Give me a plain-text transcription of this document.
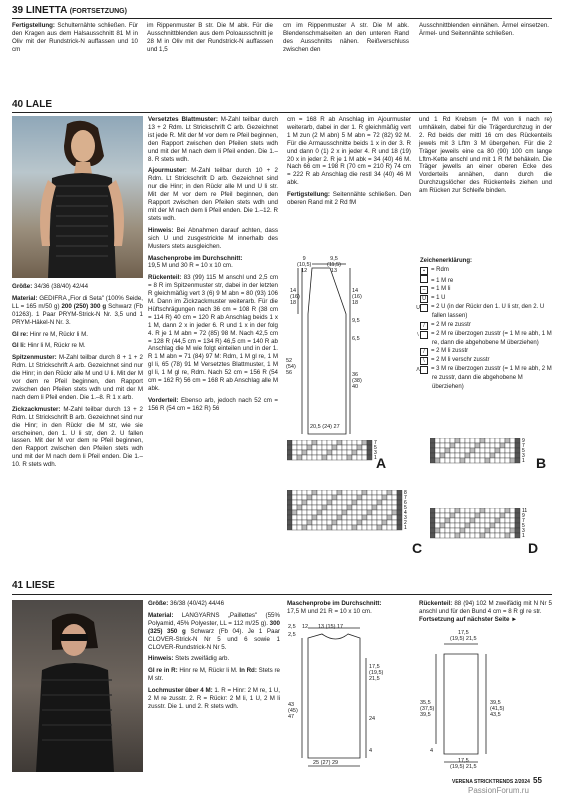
39 LINETTA (FORTSETZUNG)
Fertigstellung: Schulternähte schließen. Für den Kragen aus dem Halsausschnitt 81 M in Oliv mit der Rundstrick-N auffassen und 10 cm
im Rippenmuster B str. Die M abk. Für die Ausschnittblenden aus dem Poloausschnitt je 28 M in Oliv mit der Rundstrick-N auffassen und 1,5
cm im Rippenmuster A str. Die M abk. Blendenschmalseiten an den unteren Rand des Ausschnitts nähen. Reißverschluss zwischen den
Ausschnittblenden einnähen. Ärmel einsetzen. Ärmel- und Seitennähte schließen.
40 LALE

Größe: 34/36 (38/40) 42/44

Material: GEDIFRA „Fior di Seta" (100% Seide, LL = 165 m/50 g) 200 (250) 300 g Schwarz (Fb 01263). 1 Paar PRYM-Strick-N Nr. 3,5 und 1 PRYM-Häkel-N Nr. 3.

Gl re: Hinr re M, Rückr li M.

Gl li: Hinr li M, Rückr re M.

Spitzenmuster: M-Zahl teilbar durch 8 + 1 + 2 Rdm. Lt Strickschrift A arb. Gezeichnet sind nur die Hinr; in den Rückr alle M und U li. Mit der M vor dem re Pfeil beginnen, den Rapport zwischen den Pfeilen stets wdh und mit der M nach dem li Pfeil enden. Die 1.–8. R 1 x arb.

Zickzackmuster: M-Zahl teilbar durch 13 + 2 Rdm. Lt Strickschrift B arb. Gezeichnet sind nur die Hinr; in den Rückr die M str, wie sie erscheinen, den 1. U li str, den 2. U fallen lassen. Mit der M vor dem re Pfeil beginnen, den Rapport zwischen den Pfeilen stets wdh und mit der M nach dem li Pfeil enden. Die 1.–10. R stets wdh.

Versetztes Blattmuster: M-Zahl teilbar durch 13 + 2 Rdm. Lt Strickschrift C arb. Gezeichnet ist jede R. Mit der M vor dem re Pfeil beginnen, den Rapport zwischen den Pfeilen stets wdh und mit der M nach dem li Pfeil enden. Die 1.–8. R stets wdh.

Ajourmuster: M-Zahl teilbar durch 10 + 2 Rdm. Lt Strickschrift D arb. Gezeichnet sind nur die Hinr; in den Rückr alle M und U li str. Mit der M vor dem re Pfeil beginnen, den Rapport zwischen den Pfeilen stets wdh und mit der M nach dem li Pfeil enden. Die 1.–12. R stets wdh.

Hinweis: Bei Abnahmen darauf achten, dass sich U und zusgestrickte M innerhalb des Musters stets ausgleichen.

Maschenprobe im Durchschnitt:
19,5 M und 30 R = 10 x 10 cm.

Rückenteil: 83 (99) 115 M anschl und 2,5 cm = 8 R im Spitzenmuster str, dabei in der letzten R gleichmäßig vert 3 (6) 9 M abn = 80 (93) 106 M. Dann im Zickzackmuster weiterarb. Für die Hüftschrägungen nach 36 cm = 108 R (38 cm = 114 R) 40 cm = 120 R ab Anschlag beids 1 x 1 M, dann 2 x in jeder 6. R und 1 x in der folg 4. R je 1 M abn = 72 (85) 98 M. Nach 42,5 cm = 128 R (44,5 cm = 134 R) 46,5 cm = 140 R ab Anschlag die M wie folgt einteilen und in der 1. R 1 M abn = 71 (84) 97 M: Rdm, 1 M gl re, 1 M gl li, 65 (78) 91 M Versetztes Blattmuster, 1 M gl li, 1 M gl re, Rdm. Nach 52 cm = 156 R (54 cm = 162 R) 56 cm = 168 R ab Anschlag alle M abk.

Vorderteil: Ebenso arb, jedoch nach 52 cm = 156 R (54 cm = 162 R) 56

cm = 168 R ab Anschlag im Ajourmuster weiterarb, dabei in der 1. R gleichmäßig vert 1 M zun (2 M abn) 5 M abn = 72 (82) 92 M. Für die Armausschnitte beids 1 x in der 3. R und dann 0 (1) 2 x in jeder 4. R und 18 (19) 20 x in jeder 2. R je 1 M abk = 34 (40) 46 M. Nach 66 cm = 198 R (70 cm = 210 R) 74 cm = 222 R ab Anschlag die restl 34 (40) 46 M abk.

Fertigstellung: Seitennähte schließen. Den oberen Rand mit 2 Rd fM

und 1 Rd Krebsm (= fM von li nach re) umhäkeln, dabei für die Trägerdurchzug in der 2. Rd beids der mittl 16 cm des Rückenteils jewels mit 3 Lftm 3 M übergehen. Für die 2 Träger jeweils eine ca 80 (90) 100 cm lange Lftm-Kette anschl und mit 1 R fM behäkeln. Die Träger jewells an einer oberen Ecke des Vorderteils annähen, dann durch die Durchzugslöcher des Rückenteils ziehen und am Rücken zur Schleife binden.
9
(10,5)
12
9,5
(11,5)
13
14
(16)
18
14
(16)
18
9,5
6,5
52
(54)
56	36
(38)
40
20,5 (24) 27
Zeichenerklärung:
▪ = Rdm
= 1 M re
– = 1 M li
U = 1 U
U = 2 U (in der Rückr den 1. U li str, den 2. U fallen lassen)
/ = 2 M re zusstr
\ = 2 M re überzogen zusstr (= 1 M re abh, 1 M re, dann die abgehobene M überziehen)
/ = 2 M li zusstr
\ = 2 M li verschr zusstr
Λ = 3 M re überzogen zusstr (= 1 M re abh, 2 M re zusstr, dann die abgehobene M überziehen)
7
5
3
1 A
9
7
5
3
1 B
8
7
6
5
4
3
2
1
C
11
9
7
5
3
1
D
41 LIESE

Größe: 36/38 (40/42) 44/46

Material: LANGYARNS „Paillettes" (55% Polyamid, 45% Polyester, LL = 112 m/25 g). 300 (325) 350 g Schwarz (Fb 04). Je 1 Paar CLOVER-Strick-N Nr 5 und 6 sowie 1 CLOVER-Rundstrick-N Nr 5.

Hinweis: Stets zweifädig arb.

Gl re in R: Hinr re M, Rückr li M. In Rd: Stets re M str.

Lochmuster über 4 M: 1. R = Hinr: 2 M re, 1 U, 2 M re zusstr. 2. R = Rückr: 2 M li, 1 U, 2 M li zusstr. Die 1. und 2. R stets wdh.

Maschenprobe im Durchschnitt:
17,5 M und 21 R = 10 x 10 cm.
Rückenteil: 88 (94) 102 M zweifädig mit N Nr 5 anschl und für den Bund 4 cm = 8 R gl re str.
Fortsetzung auf nächster Seite ►
2,5
2,5
12 13 (15) 17
17,5
(19,5)
21,5
43
(45)
47	24
4
25 (27) 29
17,5
(19,5) 21,5
35,5
(37,5)
39,5
39,5
(41,5)
43,5
4
17,5
(19,5) 21,5
VERENA STRICKTRENDS 2/2024 55
PassionForum.ru
